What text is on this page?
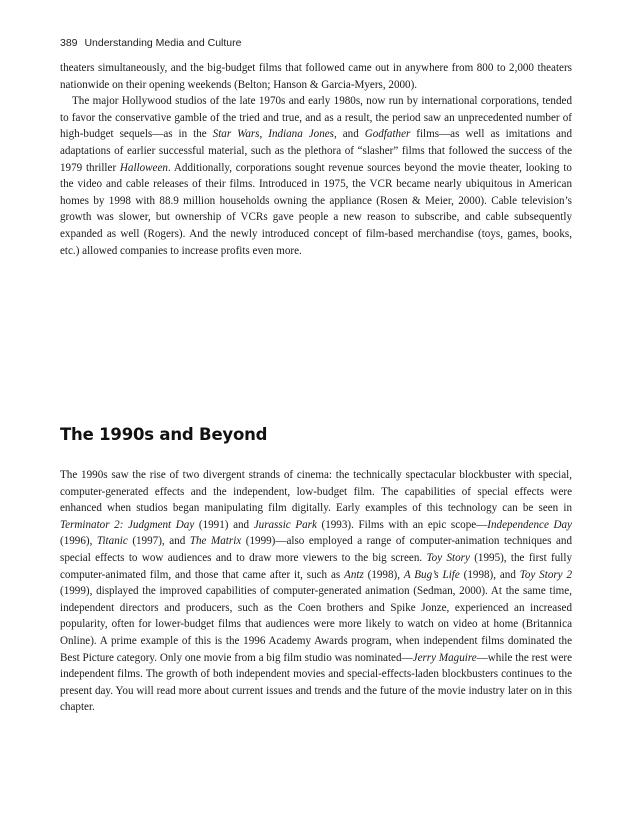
389 Understanding Media and Culture

theaters simultaneously, and the big-budget films that followed came out in anywhere from 800 to 2,000 theaters nationwide on their opening weekends (Belton; Hanson & Garcia-Myers, 2000).

The major Hollywood studios of the late 1970s and early 1980s, now run by international corporations, tended to favor the conservative gamble of the tried and true, and as a result, the period saw an unprecedented number of high-budget sequels—as in the Star Wars, Indiana Jones, and Godfather films—as well as imitations and adaptations of earlier successful material, such as the plethora of “slasher” films that followed the success of the 1979 thriller Halloween. Additionally, corporations sought revenue sources beyond the movie theater, looking to the video and cable releases of their films. Introduced in 1975, the VCR became nearly ubiquitous in American homes by 1998 with 88.9 million households owning the appliance (Rosen & Meier, 2000). Cable television’s growth was slower, but ownership of VCRs gave people a new reason to subscribe, and cable subsequently expanded as well (Rogers). And the newly introduced concept of film-based merchandise (toys, games, books, etc.) allowed companies to increase profits even more.

The 1990s and Beyond

The 1990s saw the rise of two divergent strands of cinema: the technically spectacular blockbuster with special, computer-generated effects and the independent, low-budget film. The capabilities of special effects were enhanced when studios began manipulating film digitally. Early examples of this technology can be seen in Terminator 2: Judgment Day (1991) and Jurassic Park (1993). Films with an epic scope—Independence Day (1996), Titanic (1997), and The Matrix (1999)—also employed a range of computer-animation techniques and special effects to wow audiences and to draw more viewers to the big screen. Toy Story (1995), the first fully computer-animated film, and those that came after it, such as Antz (1998), A Bug’s Life (1998), and Toy Story 2 (1999), displayed the improved capabilities of computer-generated animation (Sedman, 2000). At the same time, independent directors and producers, such as the Coen brothers and Spike Jonze, experienced an increased popularity, often for lower-budget films that audiences were more likely to watch on video at home (Britannica Online). A prime example of this is the 1996 Academy Awards program, when independent films dominated the Best Picture category. Only one movie from a big film studio was nominated—Jerry Maguire—while the rest were independent films. The growth of both independent movies and special-effects-laden blockbusters continues to the present day. You will read more about current issues and trends and the future of the movie industry later on in this chapter.
